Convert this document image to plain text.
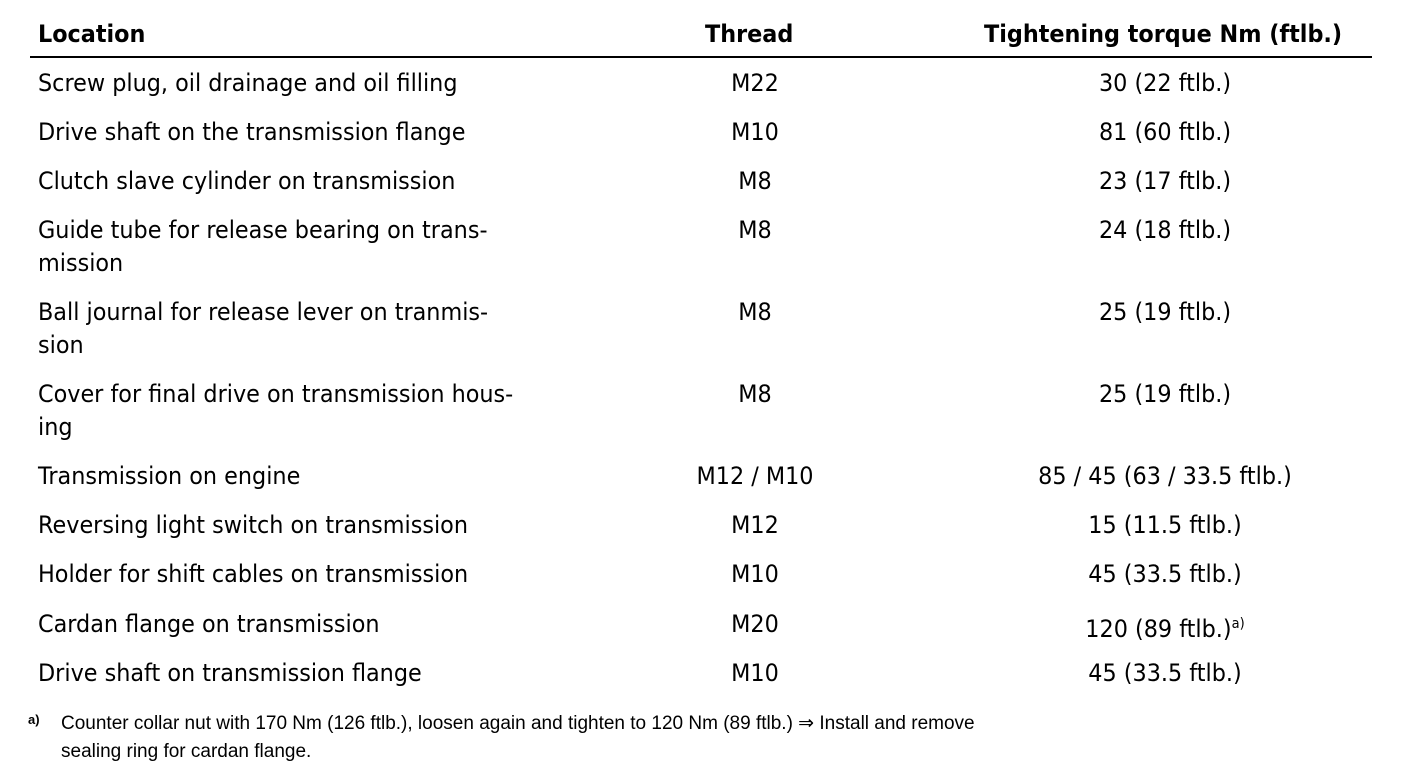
Location	Thread	Tightening torque Nm (ftlb.)
Screw plug, oil drainage and oil filling	M22	30 (22 ftlb.)
Drive shaft on the transmission flange	M10	81 (60 ftlb.)
Clutch slave cylinder on transmission	M8	23 (17 ftlb.)
Guide tube for release bearing on trans-
mission
M8	24 (18 ftlb.)
Ball journal for release lever on tranmis-
sion
M8	25 (19 ftlb.)
Cover for final drive on transmission hous-
ing
M8	25 (19 ftlb.)
Transmission on engine	M12 / M10	85 / 45 (63 / 33.5 ftlb.)
Reversing light switch on transmission	M12	15 (11.5 ftlb.)
Holder for shift cables on transmission	M10	45 (33.5 ftlb.)
Cardan flange on transmission	M20	120 (89 ftlb.)$^{a)}$
Drive shaft on transmission flange	M10	45 (33.5 ftlb.)
a) Counter collar nut with 170 Nm (126 ftlb.), loosen again and tighten to 120 Nm (89 ftlb.) ⇒ Install and remove
sealing ring for cardan flange.
